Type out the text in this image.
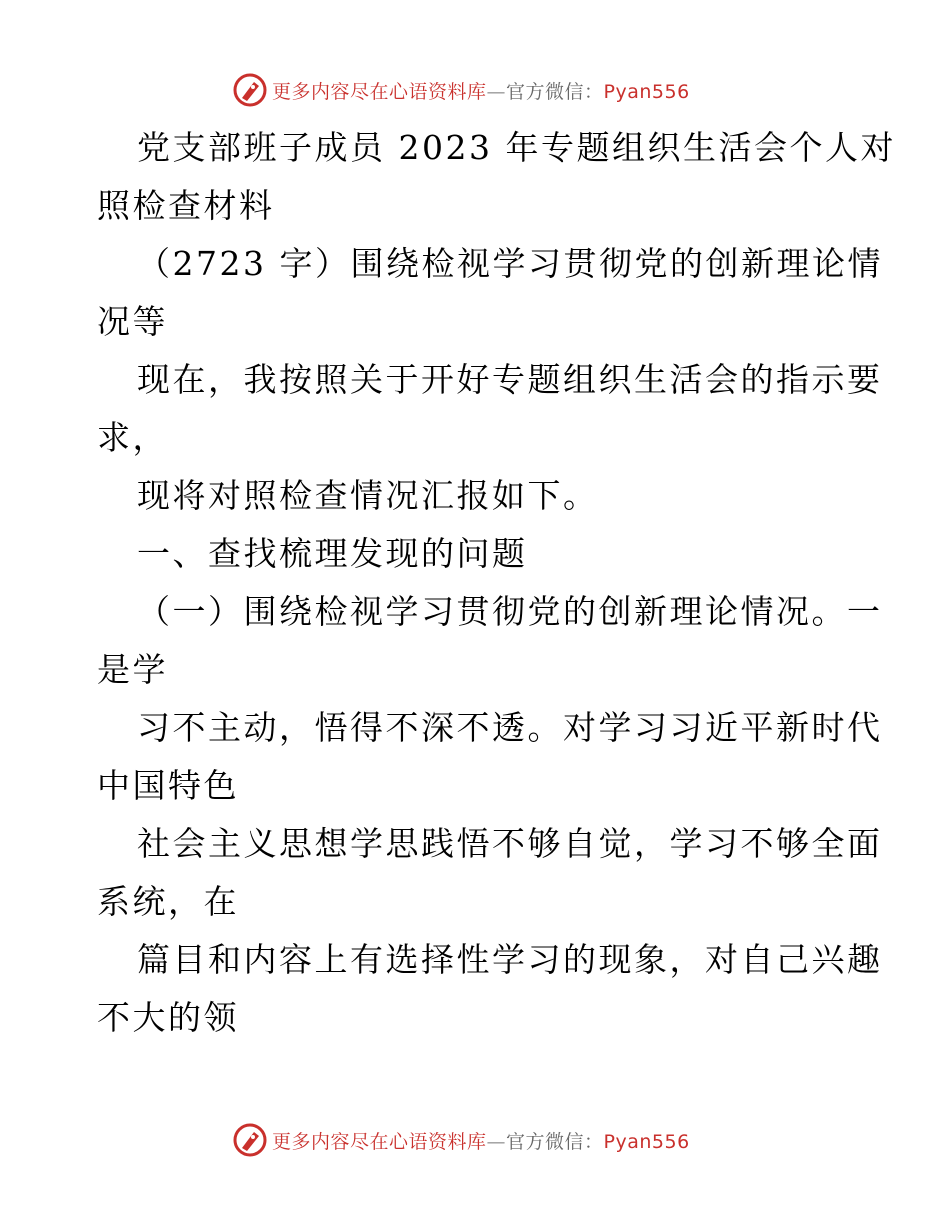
更多内容尽在心语资料库—官方微信：Pyan556
党支部班子成员 2023 年专题组织生活会个人对
照检查材料
（2723 字）围绕检视学习贯彻党的创新理论情
况等
现在，我按照关于开好专题组织生活会的指示要
求，
现将对照检查情况汇报如下。
一、查找梳理发现的问题
（一）围绕检视学习贯彻党的创新理论情况。一
是学
习不主动，悟得不深不透。对学习习近平新时代
中国特色
社会主义思想学思践悟不够自觉，学习不够全面
系统，在
篇目和内容上有选择性学习的现象，对自己兴趣
不大的领
更多内容尽在心语资料库—官方微信：Pyan556
